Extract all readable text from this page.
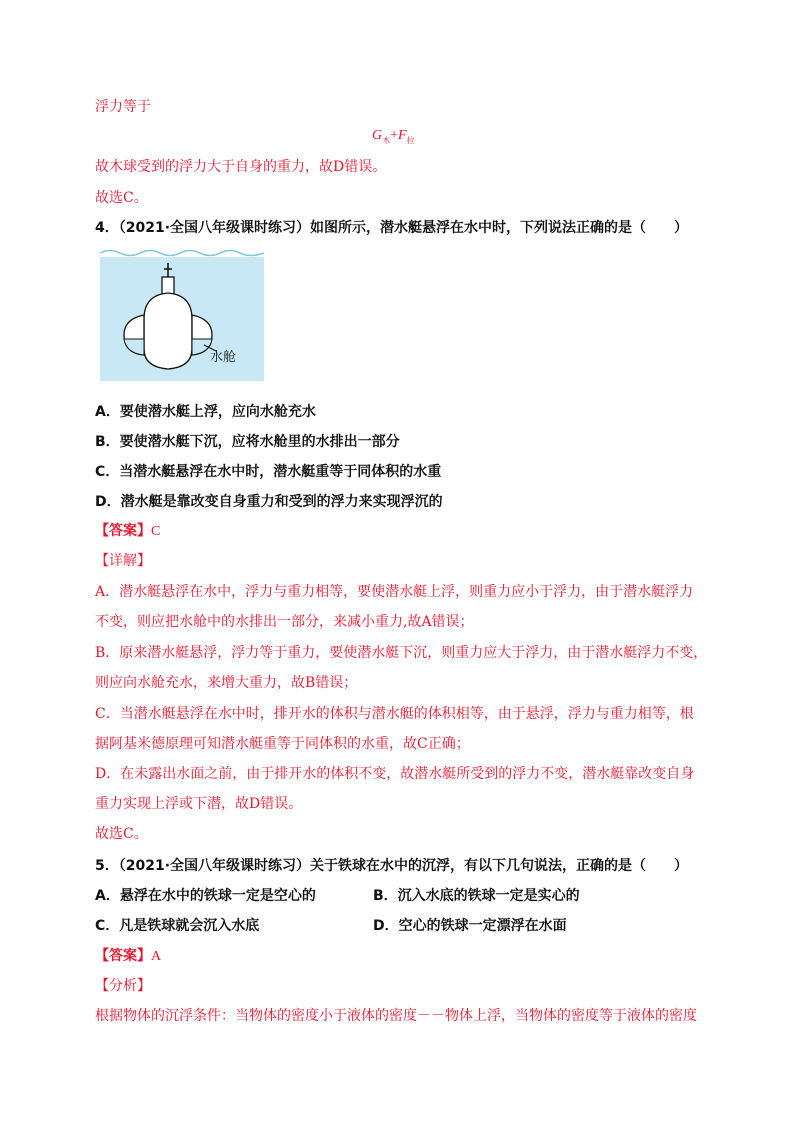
浮力等于
$G_木+F_拉$
故木球受到的浮力大于自身的重力，故D错误。
故选C。
4．（2021·全国八年级课时练习）如图所示，潜水艇悬浮在水中时，下列说法正确的是（　　）
水舱
A．要使潜水艇上浮，应向水舱充水
B．要使潜水艇下沉，应将水舱里的水排出一部分
C．当潜水艇悬浮在水中时，潜水艇重等于同体积的水重
D．潜水艇是靠改变自身重力和受到的浮力来实现浮沉的
【答案】C
【详解】
A．潜水艇悬浮在水中，浮力与重力相等，要使潜水艇上浮，则重力应小于浮力，由于潜水艇浮力
不变，则应把水舱中的水排出一部分，来减小重力,故A错误；
B．原来潜水艇悬浮，浮力等于重力，要使潜水艇下沉，则重力应大于浮力，由于潜水艇浮力不变，
则应向水舱充水，来增大重力，故B错误；
C．当潜水艇悬浮在水中时，排开水的体积与潜水艇的体积相等，由于悬浮，浮力与重力相等，根
据阿基米德原理可知潜水艇重等于同体积的水重，故C正确；
D．在未露出水面之前，由于排开水的体积不变，故潜水艇所受到的浮力不变，潜水艇靠改变自身
重力实现上浮或下潜，故D错误。
故选C。
5．（2021·全国八年级课时练习）关于铁球在水中的沉浮，有以下几句说法，正确的是（　　）
A．悬浮在水中的铁球一定是空心的	B．沉入水底的铁球一定是实心的
C．凡是铁球就会沉入水底	D．空心的铁球一定漂浮在水面
【答案】A
【分析】
根据物体的沉浮条件：当物体的密度小于液体的密度－－物体上浮，当物体的密度等于液体的密度
